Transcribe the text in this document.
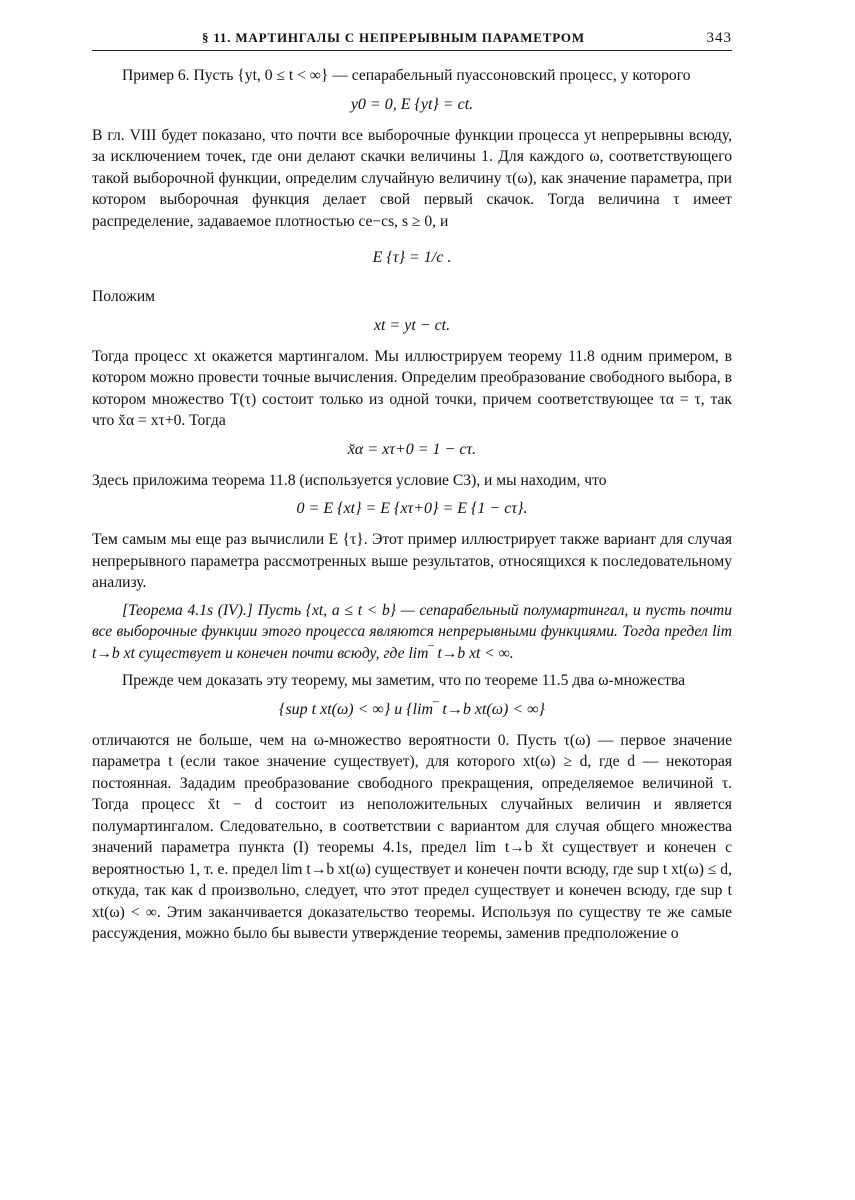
§ 11. МАРТИНГАЛЫ С НЕПРЕРЫВНЫМ ПАРАМЕТРОМ	343

Пример 6. Пусть {yt, 0 ≤ t < ∞} — сепарабельный пуассоновский процесс, у которого

y0 = 0, E {yt} = ct.

В гл. VIII будет показано, что почти все выборочные функции процесса yt непрерывны всюду, за исключением точек, где они делают скачки величины 1. Для каждого ω, соответствующего такой выборочной функции, определим случайную величину τ(ω), как значение параметра, при котором выборочная функция делает свой первый скачок. Тогда величина τ имеет распределение, задаваемое плотностью ce−cs, s ≥ 0, и

E {τ} = 1/c .

Положим

xt = yt − ct.

Тогда процесс xt окажется мартингалом. Мы иллюстрируем теорему 11.8 одним примером, в котором можно провести точные вычисления. Определим преобразование свободного выбора, в котором множество T(τ) состоит только из одной точки, причем соответствующее τα = τ, так что x̆α = xτ+0. Тогда

x̆α = xτ+0 = 1 − cτ.

Здесь приложима теорема 11.8 (используется условие C3), и мы находим, что

0 = E {xt} = E {xτ+0} = E {1 − cτ}.

Тем самым мы еще раз вычислили E {τ}. Этот пример иллюстрирует также вариант для случая непрерывного параметра рассмотренных выше результатов, относящихся к последовательному анализу.

[Теорема 4.1s (IV).] Пусть {xt, a ≤ t < b} — сепарабельный полумартингал, и пусть почти все выборочные функции этого процесса являются непрерывными функциями. Тогда предел lim t→b xt существует и конечен почти всюду, где lim‾ t→b xt < ∞.

Прежде чем доказать эту теорему, мы заметим, что по теореме 11.5 два ω-множества

{sup t xt(ω) < ∞} и {lim‾ t→b xt(ω) < ∞}

отличаются не больше, чем на ω-множество вероятности 0. Пусть τ(ω) — первое значение параметра t (если такое значение существует), для которого xt(ω) ≥ d, где d — некоторая постоянная. Зададим преобразование свободного прекращения, определяемое величиной τ. Тогда процесс x̆t − d состоит из неположительных случайных величин и является полумартингалом. Следовательно, в соответствии с вариантом для случая общего множества значений параметра пункта (I) теоремы 4.1s, предел lim t→b x̆t существует и конечен с вероятностью 1, т. е. предел lim t→b xt(ω) существует и конечен почти всюду, где sup t xt(ω) ≤ d, откуда, так как d произвольно, следует, что этот предел существует и конечен всюду, где sup t xt(ω) < ∞. Этим заканчивается доказательство теоремы. Используя по существу те же самые рассуждения, можно было бы вывести утверждение теоремы, заменив предположение о
